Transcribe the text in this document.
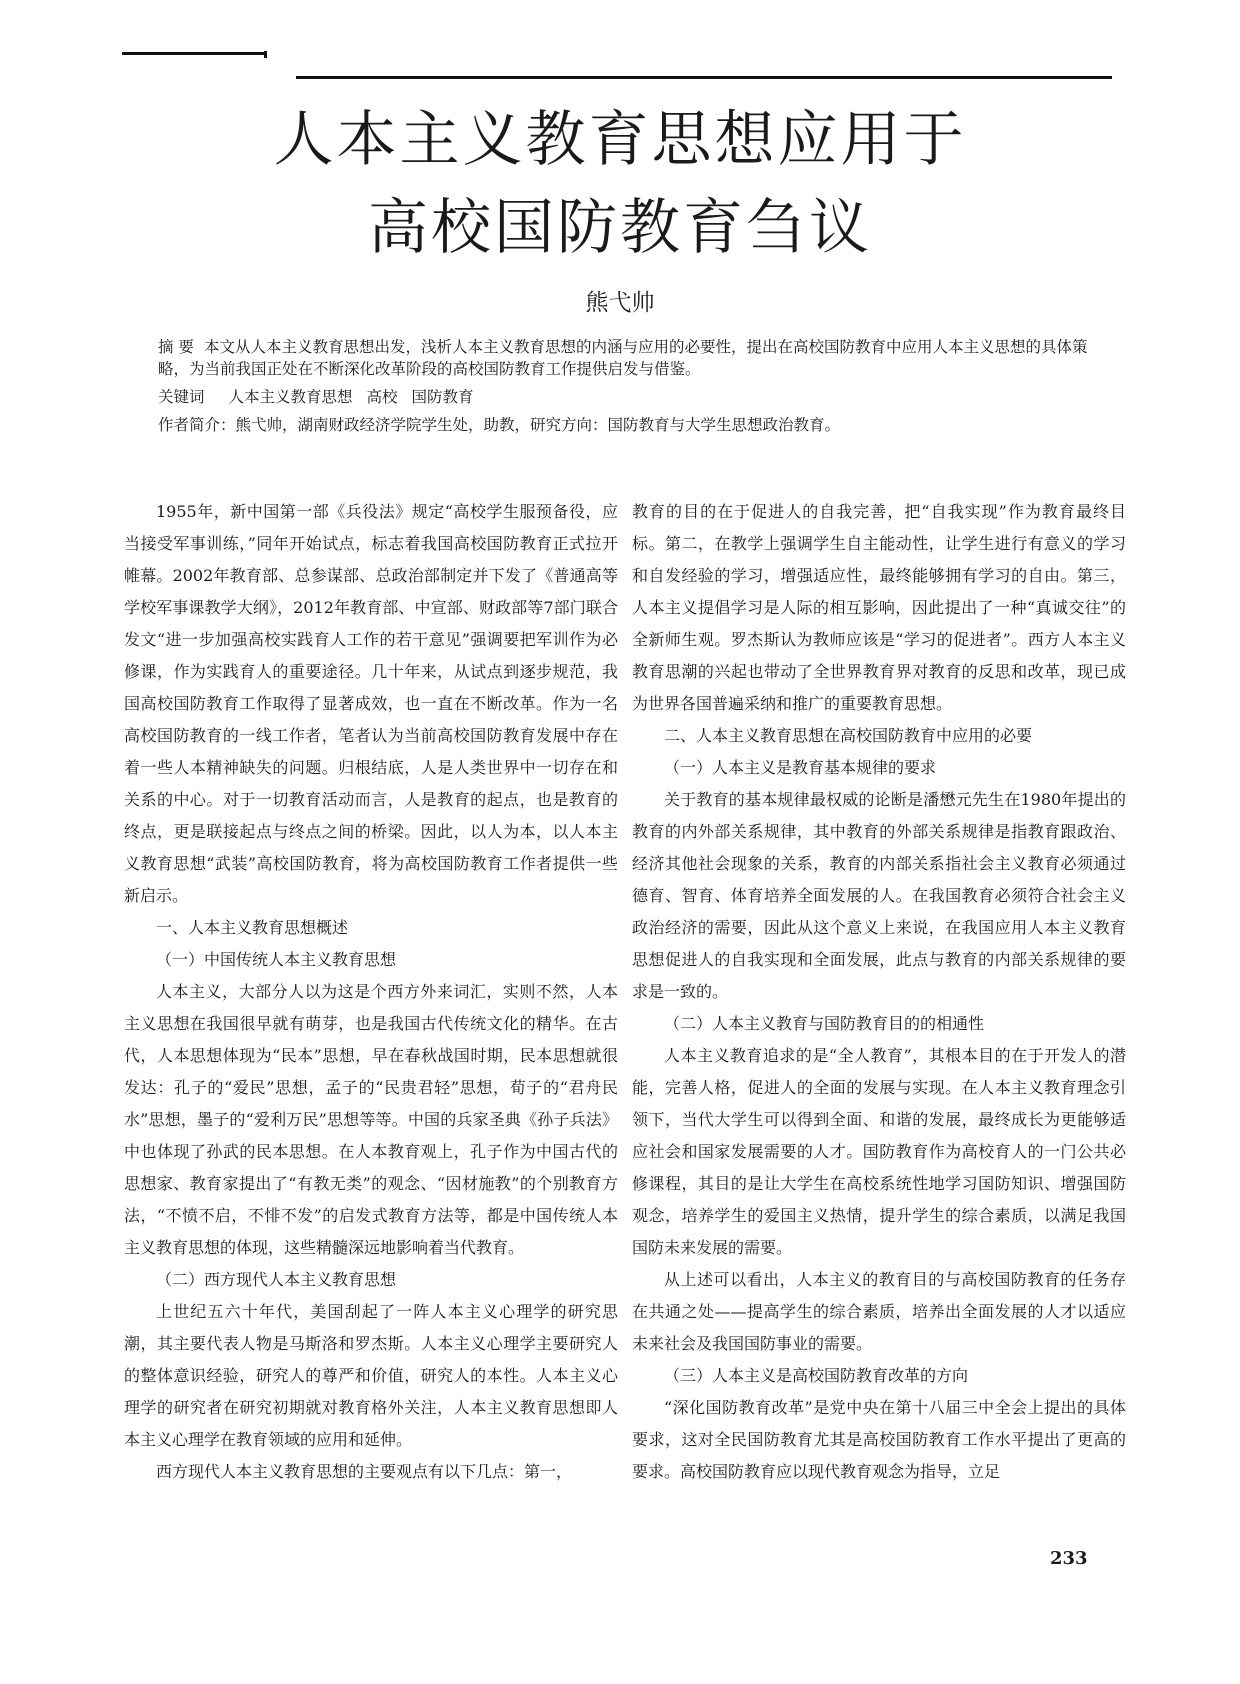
人本主义教育思想应用于
高校国防教育刍议
熊弋帅
摘 要 本文从人本主义教育思想出发，浅析人本主义教育思想的内涵与应用的必要性，提出在高校国防教育中应用人本主义思想的具体策略，为当前我国正处在不断深化改革阶段的高校国防教育工作提供启发与借鉴。
关键词 人本主义教育思想 高校 国防教育
作者简介：熊弋帅，湖南财政经济学院学生处，助教，研究方向：国防教育与大学生思想政治教育。

1955年，新中国第一部《兵役法》规定“高校学生服预备役，应当接受军事训练，”同年开始试点，标志着我国高校国防教育正式拉开帷幕。2002年教育部、总参谋部、总政治部制定并下发了《普通高等学校军事课教学大纲》，2012年教育部、中宣部、财政部等7部门联合发文“进一步加强高校实践育人工作的若干意见”强调要把军训作为必修课，作为实践育人的重要途径。几十年来，从试点到逐步规范，我国高校国防教育工作取得了显著成效，也一直在不断改革。作为一名高校国防教育的一线工作者，笔者认为当前高校国防教育发展中存在着一些人本精神缺失的问题。归根结底，人是人类世界中一切存在和关系的中心。对于一切教育活动而言，人是教育的起点，也是教育的终点，更是联接起点与终点之间的桥梁。因此，以人为本，以人本主义教育思想“武装”高校国防教育，将为高校国防教育工作者提供一些新启示。

一、人本主义教育思想概述
（一）中国传统人本主义教育思想

人本主义，大部分人以为这是个西方外来词汇，实则不然，人本主义思想在我国很早就有萌芽，也是我国古代传统文化的精华。在古代，人本思想体现为“民本”思想，早在春秋战国时期，民本思想就很发达：孔子的“爱民”思想，孟子的“民贵君轻”思想，荀子的“君舟民水”思想，墨子的“爱利万民”思想等等。中国的兵家圣典《孙子兵法》中也体现了孙武的民本思想。在人本教育观上，孔子作为中国古代的思想家、教育家提出了“有教无类”的观念、“因材施教”的个别教育方法，“不愤不启，不悱不发”的启发式教育方法等，都是中国传统人本主义教育思想的体现，这些精髓深远地影响着当代教育。

（二）西方现代人本主义教育思想

上世纪五六十年代，美国刮起了一阵人本主义心理学的研究思潮，其主要代表人物是马斯洛和罗杰斯。人本主义心理学主要研究人的整体意识经验，研究人的尊严和价值，研究人的本性。人本主义心理学的研究者在研究初期就对教育格外关注，人本主义教育思想即人本主义心理学在教育领域的应用和延伸。

西方现代人本主义教育思想的主要观点有以下几点：第一，

教育的目的在于促进人的自我完善，把“自我实现”作为教育最终目标。第二，在教学上强调学生自主能动性，让学生进行有意义的学习和自发经验的学习，增强适应性，最终能够拥有学习的自由。第三，人本主义提倡学习是人际的相互影响，因此提出了一种“真诚交往”的全新师生观。罗杰斯认为教师应该是“学习的促进者”。西方人本主义教育思潮的兴起也带动了全世界教育界对教育的反思和改革，现已成为世界各国普遍采纳和推广的重要教育思想。

二、人本主义教育思想在高校国防教育中应用的必要
（一）人本主义是教育基本规律的要求

关于教育的基本规律最权威的论断是潘懋元先生在1980年提出的教育的内外部关系规律，其中教育的外部关系规律是指教育跟政治、经济其他社会现象的关系，教育的内部关系指社会主义教育必须通过德育、智育、体育培养全面发展的人。在我国教育必须符合社会主义政治经济的需要，因此从这个意义上来说，在我国应用人本主义教育思想促进人的自我实现和全面发展，此点与教育的内部关系规律的要求是一致的。

（二）人本主义教育与国防教育目的的相通性

人本主义教育追求的是“全人教育”，其根本目的在于开发人的潜能，完善人格，促进人的全面的发展与实现。在人本主义教育理念引领下，当代大学生可以得到全面、和谐的发展，最终成长为更能够适应社会和国家发展需要的人才。国防教育作为高校育人的一门公共必修课程，其目的是让大学生在高校系统性地学习国防知识、增强国防观念，培养学生的爱国主义热情，提升学生的综合素质，以满足我国国防未来发展的需要。

从上述可以看出，人本主义的教育目的与高校国防教育的任务存在共通之处——提高学生的综合素质，培养出全面发展的人才以适应未来社会及我国国防事业的需要。

（三）人本主义是高校国防教育改革的方向

“深化国防教育改革”是党中央在第十八届三中全会上提出的具体要求，这对全民国防教育尤其是高校国防教育工作水平提出了更高的要求。高校国防教育应以现代教育观念为指导，立足

233
